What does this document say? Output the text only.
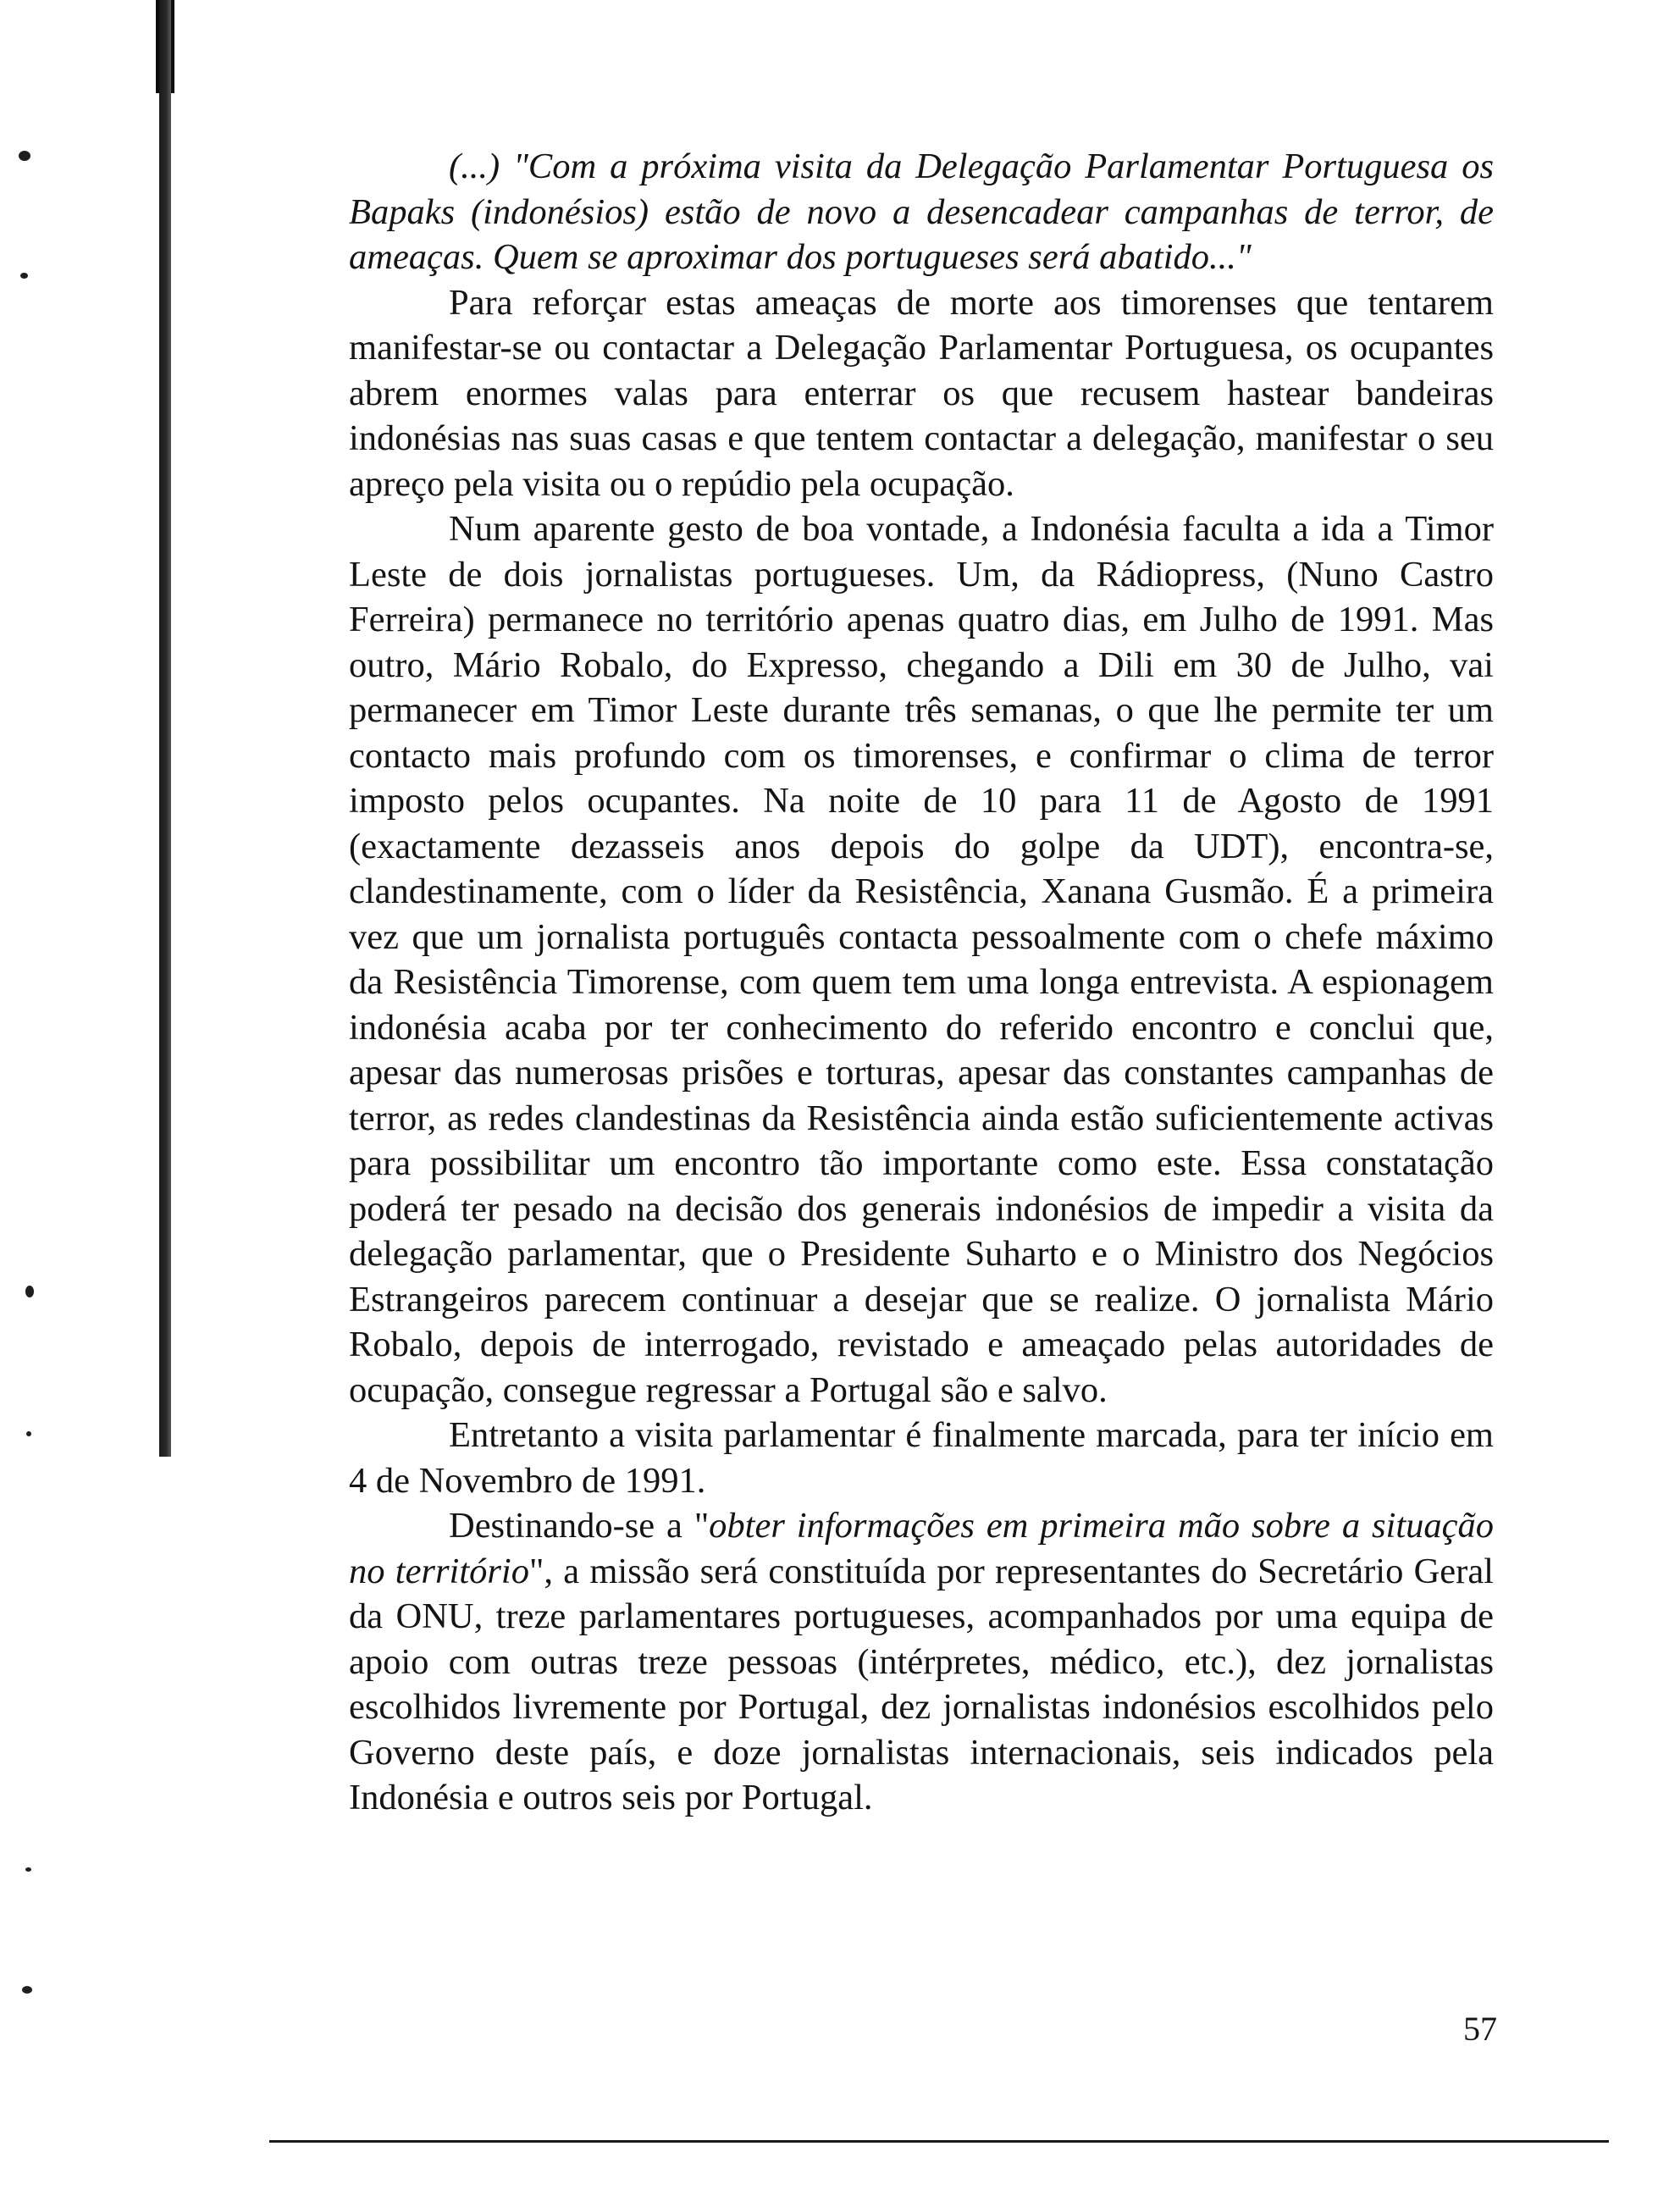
(...) "Com a próxima visita da Delegação Parlamentar Portuguesa os Bapaks (indonésios) estão de novo a desencadear campanhas de terror, de ameaças. Quem se aproximar dos portugueses será abatido..."

Para reforçar estas ameaças de morte aos timorenses que tentarem manifestar-se ou contactar a Delegação Parlamentar Portuguesa, os ocupantes abrem enormes valas para enterrar os que recusem hastear bandeiras indonésias nas suas casas e que tentem contactar a delegação, manifestar o seu apreço pela visita ou o repúdio pela ocupação.

Num aparente gesto de boa vontade, a Indonésia faculta a ida a Timor Leste de dois jornalistas portugueses. Um, da Rádiopress, (Nuno Castro Ferreira) permanece no território apenas quatro dias, em Julho de 1991. Mas outro, Mário Robalo, do Expresso, chegando a Dili em 30 de Julho, vai permanecer em Timor Leste durante três semanas, o que lhe permite ter um contacto mais profundo com os timorenses, e confirmar o clima de terror imposto pelos ocupantes. Na noite de 10 para 11 de Agosto de 1991 (exactamente dezasseis anos depois do golpe da UDT), encontra-se, clandestinamente, com o líder da Resistência, Xanana Gusmão. É a primeira vez que um jornalista português contacta pessoalmente com o chefe máximo da Resistência Timorense, com quem tem uma longa entrevista. A espionagem indonésia acaba por ter conhecimento do referido encontro e conclui que, apesar das numerosas prisões e torturas, apesar das constantes campanhas de terror, as redes clandestinas da Resistência ainda estão suficientemente activas para possibilitar um encontro tão importante como este. Essa constatação poderá ter pesado na decisão dos generais indonésios de impedir a visita da delegação parlamentar, que o Presidente Suharto e o Ministro dos Negócios Estrangeiros parecem continuar a desejar que se realize. O jornalista Mário Robalo, depois de interrogado, revistado e ameaçado pelas autoridades de ocupação, consegue regressar a Portugal são e salvo.

Entretanto a visita parlamentar é finalmente marcada, para ter início em 4 de Novembro de 1991.

Destinando-se a "obter informações em primeira mão sobre a situação no território", a missão será constituída por representantes do Secretário Geral da ONU, treze parlamentares portugueses, acompanhados por uma equipa de apoio com outras treze pessoas (intérpretes, médico, etc.), dez jornalistas escolhidos livremente por Portugal, dez jornalistas indonésios escolhidos pelo Governo deste país, e doze jornalistas internacionais, seis indicados pela Indonésia e outros seis por Portugal.

57
